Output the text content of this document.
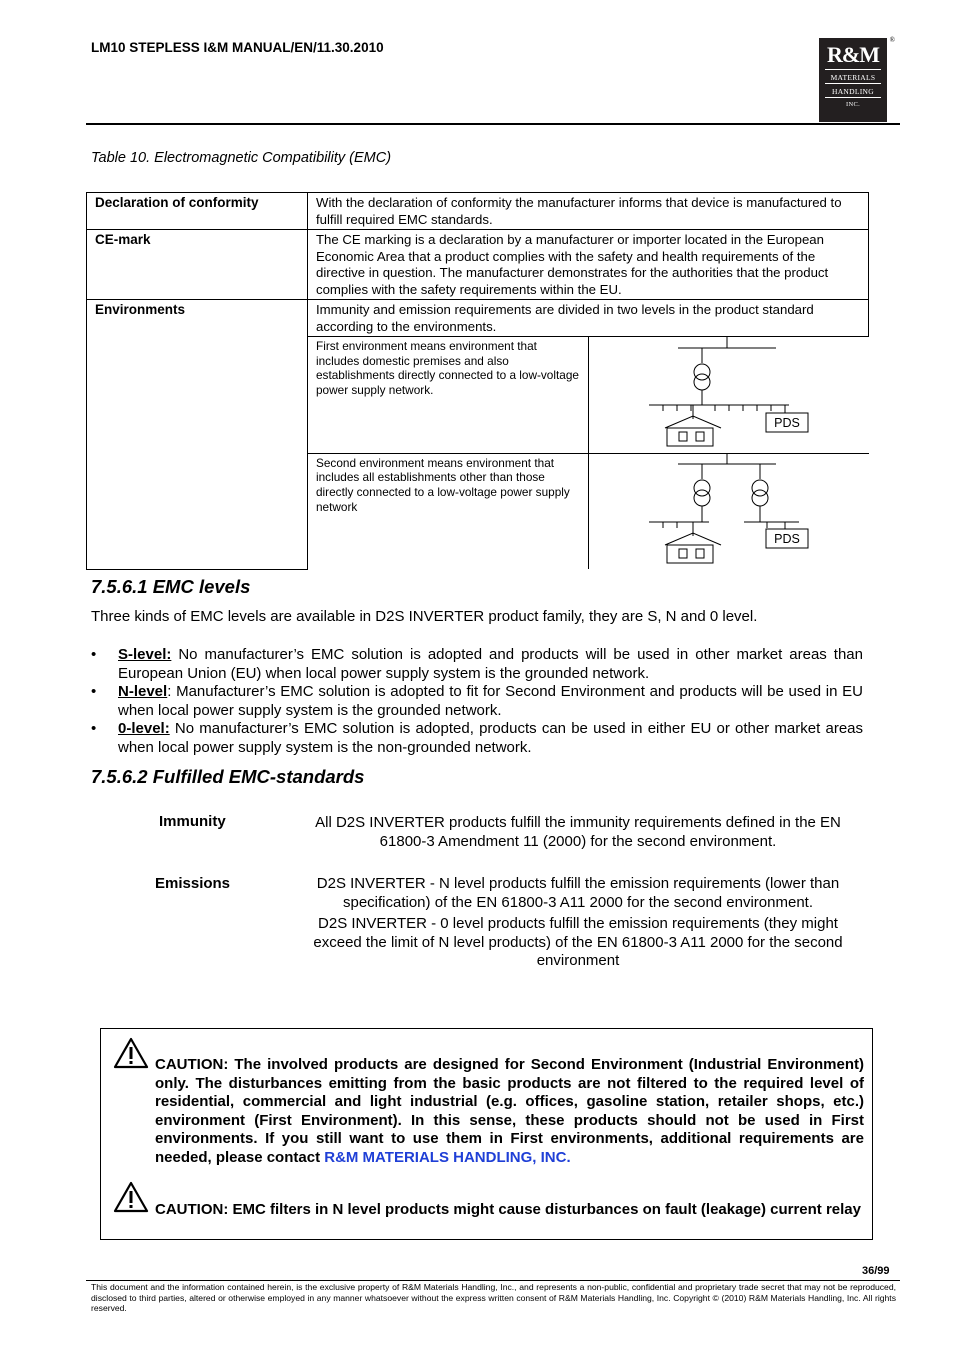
LM10 STEPLESS I&M MANUAL/EN/11.30.2010	®
R&M
MATERIALS
HANDLING
INC.
Table 10. Electromagnetic Compatibility (EMC)
Declaration of conformity	With the declaration of conformity the manufacturer informs that device is manufactured to fulfill required EMC standards.
CE-mark	The CE marking is a declaration by a manufacturer or importer located in the European Economic Area that a product complies with the safety and health requirements of the directive in question. The manufacturer demonstrates for the authorities that the product complies with the safety requirements within the EU.
Environments	Immunity and emission requirements are divided in two levels in the product standard according to the environments.

First environment means environment that includes domestic premises and also establishments directly connected to a low-voltage power supply network.	
PDS

Second environment means environment that includes all establishments other than those directly connected to a low-voltage power supply network	
PDS
7.5.6.1 EMC levels
Three kinds of EMC levels are available in D2S INVERTER product family, they are S, N and 0 level.
• S-level: No manufacturer’s EMC solution is adopted and products will be used in other market areas than European Union (EU) when local power supply system is the grounded network.
• N-level: Manufacturer’s EMC solution is adopted to fit for Second Environment and products will be used in EU when local power supply system is the grounded network.
• 0-level: No manufacturer’s EMC solution is adopted, products can be used in either EU or other market areas when local power supply system is the non-grounded network.
7.5.6.2 Fulfilled EMC-standards
Immunity	All D2S INVERTER products fulfill the immunity requirements defined in the EN 61800-3 Amendment 11 (2000) for the second environment.
Emissions	D2S INVERTER - N level products fulfill the emission requirements (lower than specification) of the EN 61800-3 A11 2000 for the second environment.
D2S INVERTER - 0 level products fulfill the emission requirements (they might exceed the limit of N level products) of the EN 61800-3 A11 2000 for the second environment
CAUTION: The involved products are designed for Second Environment (Industrial Environment) only. The disturbances emitting from the basic products are not filtered to the required level of residential, commercial and light industrial (e.g. offices, gasoline station, retailer shops, etc.) environment (First Environment). In this sense, these products should not be used in First environments. If you still want to use them in First environments, additional requirements are needed, please contact R&M MATERIALS HANDLING, INC.
CAUTION: EMC filters in N level products might cause disturbances on fault (leakage) current relay
36/99
This document and the information contained herein, is the exclusive property of R&M Materials Handling, Inc., and represents a non-public, confidential and proprietary trade secret that may not be reproduced, disclosed to third parties, altered or otherwise employed in any manner whatsoever without the express written consent of R&M Materials Handling, Inc. Copyright © (2010) R&M Materials Handling, Inc. All rights reserved.
